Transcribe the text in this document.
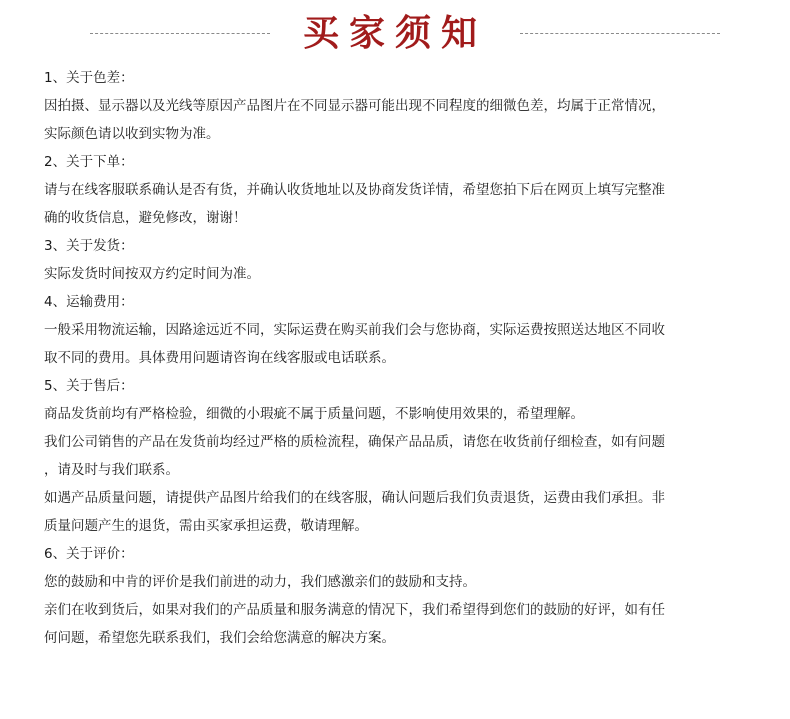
买家须知
1、关于色差：
因拍摄、显示器以及光线等原因产品图片在不同显示器可能出现不同程度的细微色差，均属于正常情况，
实际颜色请以收到实物为准。
2、关于下单：
请与在线客服联系确认是否有货，并确认收货地址以及协商发货详情，希望您拍下后在网页上填写完整准
确的收货信息，避免修改，谢谢！
3、关于发货：
实际发货时间按双方约定时间为准。
4、运输费用：
一般采用物流运输，因路途远近不同，实际运费在购买前我们会与您协商，实际运费按照送达地区不同收
取不同的费用。具体费用问题请咨询在线客服或电话联系。
5、关于售后：
商品发货前均有严格检验，细微的小瑕疵不属于质量问题，不影响使用效果的，希望理解。
我们公司销售的产品在发货前均经过严格的质检流程，确保产品品质，请您在收货前仔细检查，如有问题
，请及时与我们联系。
如遇产品质量问题，请提供产品图片给我们的在线客服，确认问题后我们负责退货，运费由我们承担。非
质量问题产生的退货，需由买家承担运费，敬请理解。
6、关于评价：
您的鼓励和中肯的评价是我们前进的动力，我们感激亲们的鼓励和支持。
亲们在收到货后，如果对我们的产品质量和服务满意的情况下，我们希望得到您们的鼓励的好评，如有任
何问题，希望您先联系我们，我们会给您满意的解决方案。
